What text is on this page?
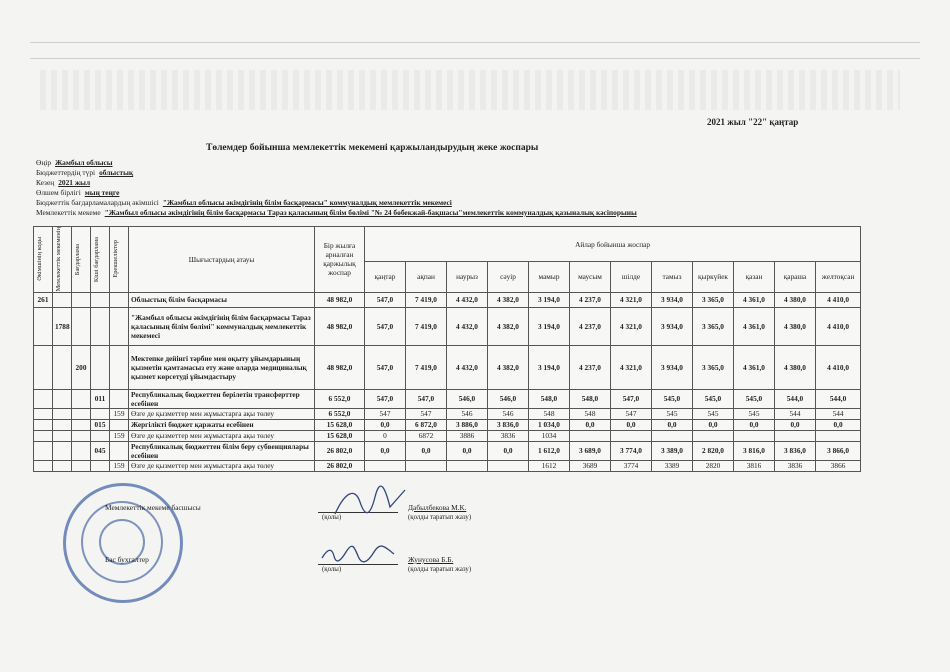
2021 жыл "22" қаңтар
Төлемдер бойынша мемлекеттік мекемені қаржыландырудың жеке жоспары
Өңір Жамбыл облысы
Бюджеттердің түрі облыстық
Кезең 2021 жыл
Өлшем бірлігі мың теңге
Бюджеттік бағдарламалардың әкімшісі "Жамбыл облысы әкімдігінің білім басқармасы" коммуналдық мемлекеттік мекемесі
Мемлекеттік мекеме "Жамбыл облысы әкімдігінің білім басқармасы Тараз қаласының білім бөлімі "№ 24 бөбекжай-бақшасы"мемлекеттік коммуналдық қазыналық кәсіпорыны
Әкімшінің коды	Мемлекеттік мекеменің	Бағдарлама	Кіші бағдарлама	Ерекшеліктер	Шығыстардың атауы	Бір жылға арналған қаржылық жоспар	Айлар бойынша жоспар											
							қаңтар	ақпан	наурыз	сәуір	мамыр	маусым	шілде	тамыз	қыркүйек	қазан	қараша	желтоқсан
261					Облыстық білім басқармасы	48 982,0	547,0	7 419,0	4 432,0	4 382,0	3 194,0	4 237,0	4 321,0	3 934,0	3 365,0	4 361,0	4 380,0	4 410,0
	1788				"Жамбыл облысы әкімдігінің білім басқармасы Тараз қаласының білім бөлімі" коммуналдық мемлекеттік мекемесі	48 982,0	547,0	7 419,0	4 432,0	4 382,0	3 194,0	4 237,0	4 321,0	3 934,0	3 365,0	4 361,0	4 380,0	4 410,0
		200			Мектепке дейінгі тәрбие мен оқыту ұйымдарының қызметін қамтамасыз ету және оларда медициналық қызмет көрсетуді ұйымдастыру	48 982,0	547,0	7 419,0	4 432,0	4 382,0	3 194,0	4 237,0	4 321,0	3 934,0	3 365,0	4 361,0	4 380,0	4 410,0
			011		Республикалық бюджеттен берілетін трансферттер есебінен	6 552,0	547,0	547,0	546,0	546,0	548,0	548,0	547,0	545,0	545,0	545,0	544,0	544,0
				159	Өзге де қызметтер мен жұмыстарға ақы төлеу	6 552,0	547	547	546	546	548	548	547	545	545	545	544	544
			015		Жергілікті бюджет қаржаты есебінен	15 628,0	0,0	6 872,0	3 886,0	3 836,0	1 034,0	0,0	0,0	0,0	0,0	0,0	0,0	0,0
				159	Өзге де қызметтер мен жұмыстарға ақы төлеу	15 628,0	0	6872	3886	3836	1034							
			045		Республикалық бюджеттен білім беру субвенциялары есебінен	26 802,0	0,0	0,0	0,0	0,0	1 612,0	3 689,0	3 774,0	3 389,0	2 820,0	3 816,0	3 836,0	3 866,0
				159	Өзге де қызметтер мен жұмыстарға ақы төлеу	26 802,0					1612	3689	3774	3389	2820	3816	3836	3866
Мемлекеттік мекеме басшысы	Дабылбекова М.К.
(қолы)	(қолды таратып жазу)
Бас бухгалтер	Жунусова Б.Б.
(қолы)	(қолды таратып жазу)
